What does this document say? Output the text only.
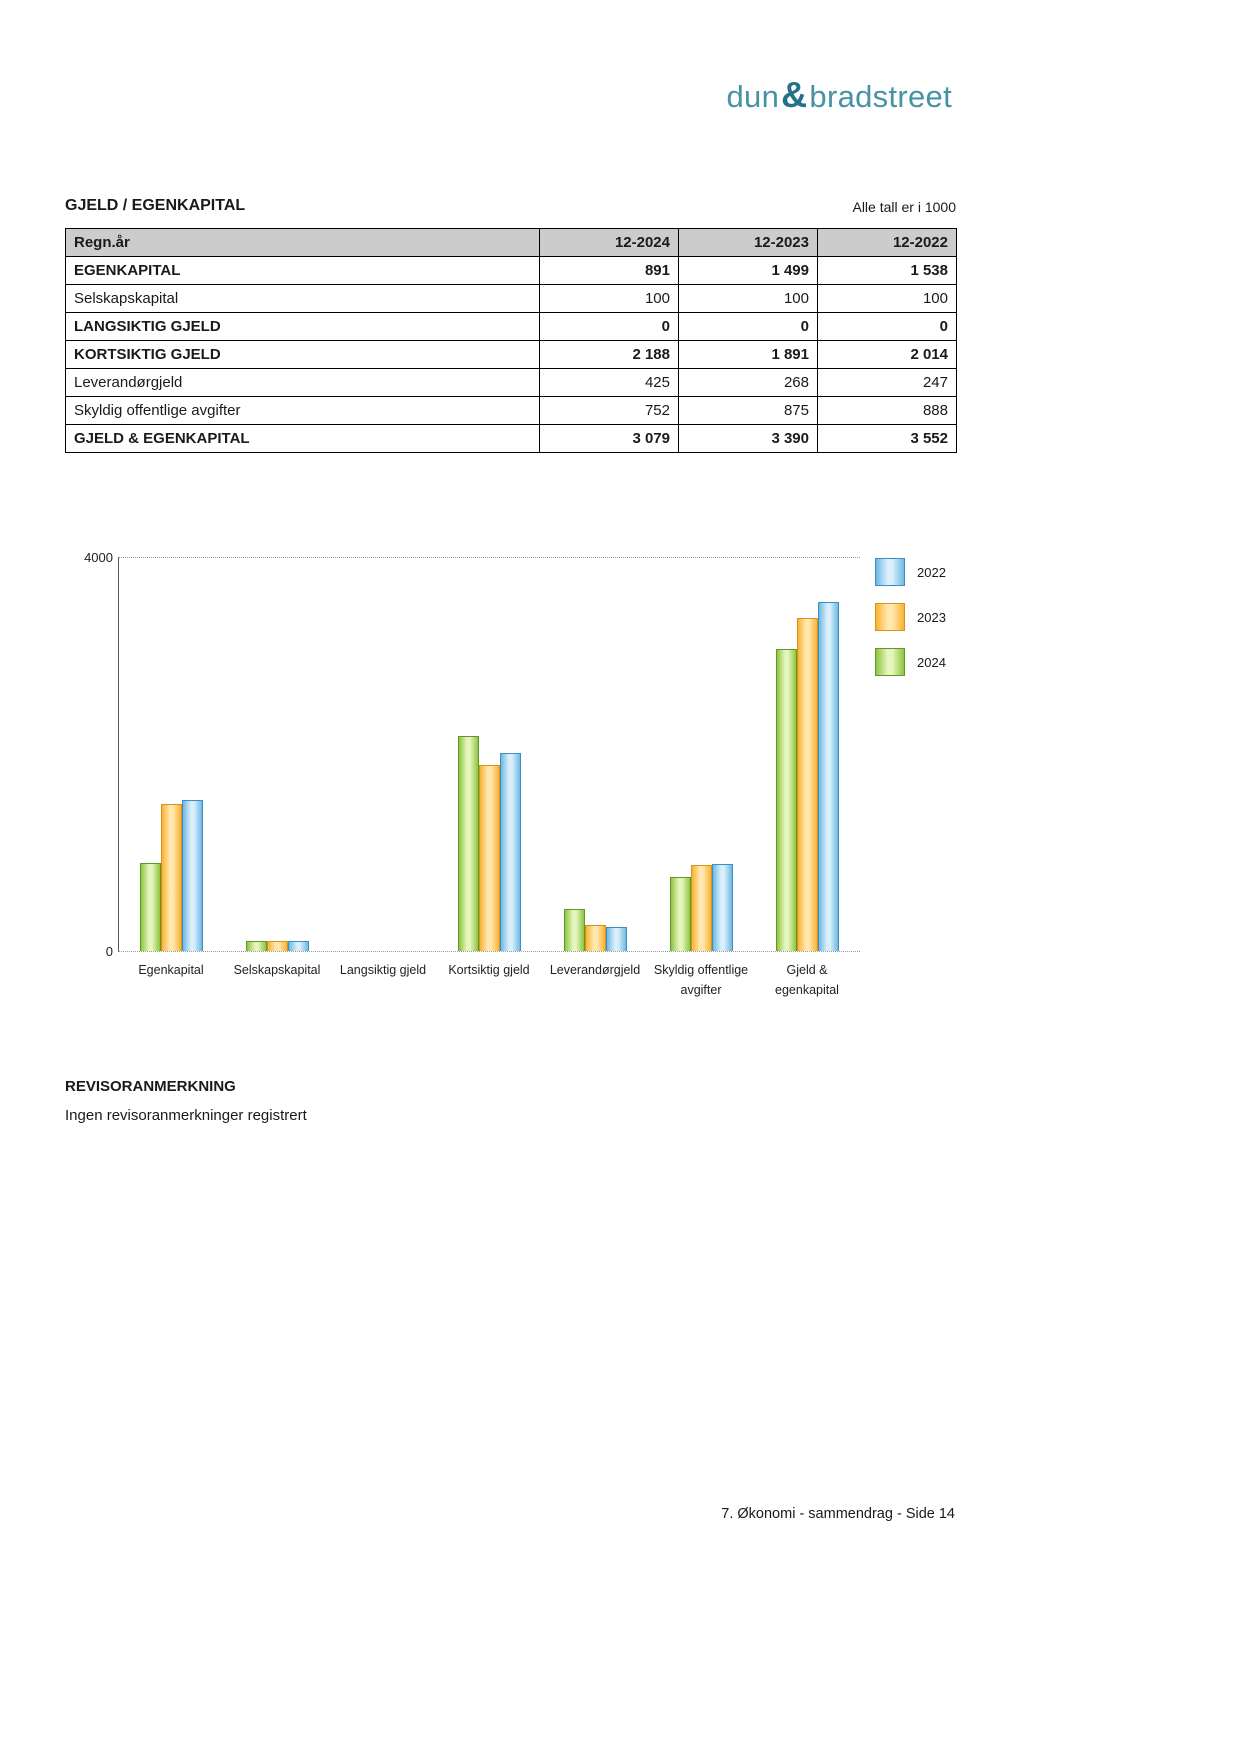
dun&bradstreet
GJELD / EGENKAPITAL	Alle tall er i 1000
Regn.år	12-2024	12-2023	12-2022
EGENKAPITAL	891	1 499	1 538
Selskapskapital	100	100	100
LANGSIKTIG GJELD	0	0	0
KORTSIKTIG GJELD	2 188	1 891	2 014
Leverandørgjeld	425	268	247
Skyldig offentlige avgifter	752	875	888
GJELD & EGENKAPITAL	3 079	3 390	3 552
4000
0
Egenkapital	Selskapskapital	Langsiktig gjeld	Kortsiktig gjeld	Leverandørgjeld	Skyldig offentlige avgifter
Gjeld & egenkapital
2022
2023
2024
REVISORANMERKNING
Ingen revisoranmerkninger registrert
7. Økonomi - sammendrag - Side 14
